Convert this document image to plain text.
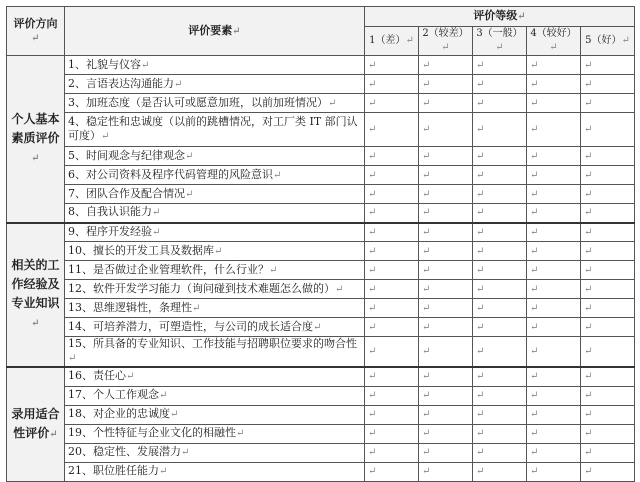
评价方向↵	评价要素↵	评价等级↵				
		1（差）↵	2（较差）↵	3（一般）↵	4（较好）↵	5（好）↵
个人基本素质评价↵	1、礼貌与仪容↵	↵	↵	↵	↵	↵
	2、言语表达沟通能力↵	↵	↵	↵	↵	↵
	3、加班态度（是否认可或愿意加班，以前加班情况）↵	↵	↵	↵	↵	↵
	4、稳定性和忠诚度（以前的跳槽情况，对工厂类 IT 部门认可度）↵	↵	↵	↵	↵	↵
	5、时间观念与纪律观念↵	↵	↵	↵	↵	↵
	6、对公司资料及程序代码管理的风险意识↵	↵	↵	↵	↵	↵
	7、团队合作及配合情况↵	↵	↵	↵	↵	↵
	8、自我认识能力↵	↵	↵	↵	↵	↵
相关的工作经验及专业知识↵	9、程序开发经验↵	↵	↵	↵	↵	↵
	10、擅长的开发工具及数据库↵	↵	↵	↵	↵	↵
	11、是否做过企业管理软件，什么行业？↵	↵	↵	↵	↵	↵
	12、软件开发学习能力（询问碰到技术难题怎么做的）↵	↵	↵	↵	↵	↵
	13、思维逻辑性，条理性↵	↵	↵	↵	↵	↵
	14、可培养潜力，可塑造性，与公司的成长适合度↵	↵	↵	↵	↵	↵
	15、所具备的专业知识、工作技能与招聘职位要求的吻合性↵	↵	↵	↵	↵	↵
录用适合性评价↵	16、责任心↵	↵	↵	↵	↵	↵
	17、个人工作观念↵	↵	↵	↵	↵	↵
	18、对企业的忠诚度↵	↵	↵	↵	↵	↵
	19、个性特征与企业文化的相融性↵	↵	↵	↵	↵	↵
	20、稳定性、发展潜力↵	↵	↵	↵	↵	↵
	21、职位胜任能力↵	↵	↵	↵	↵	↵
